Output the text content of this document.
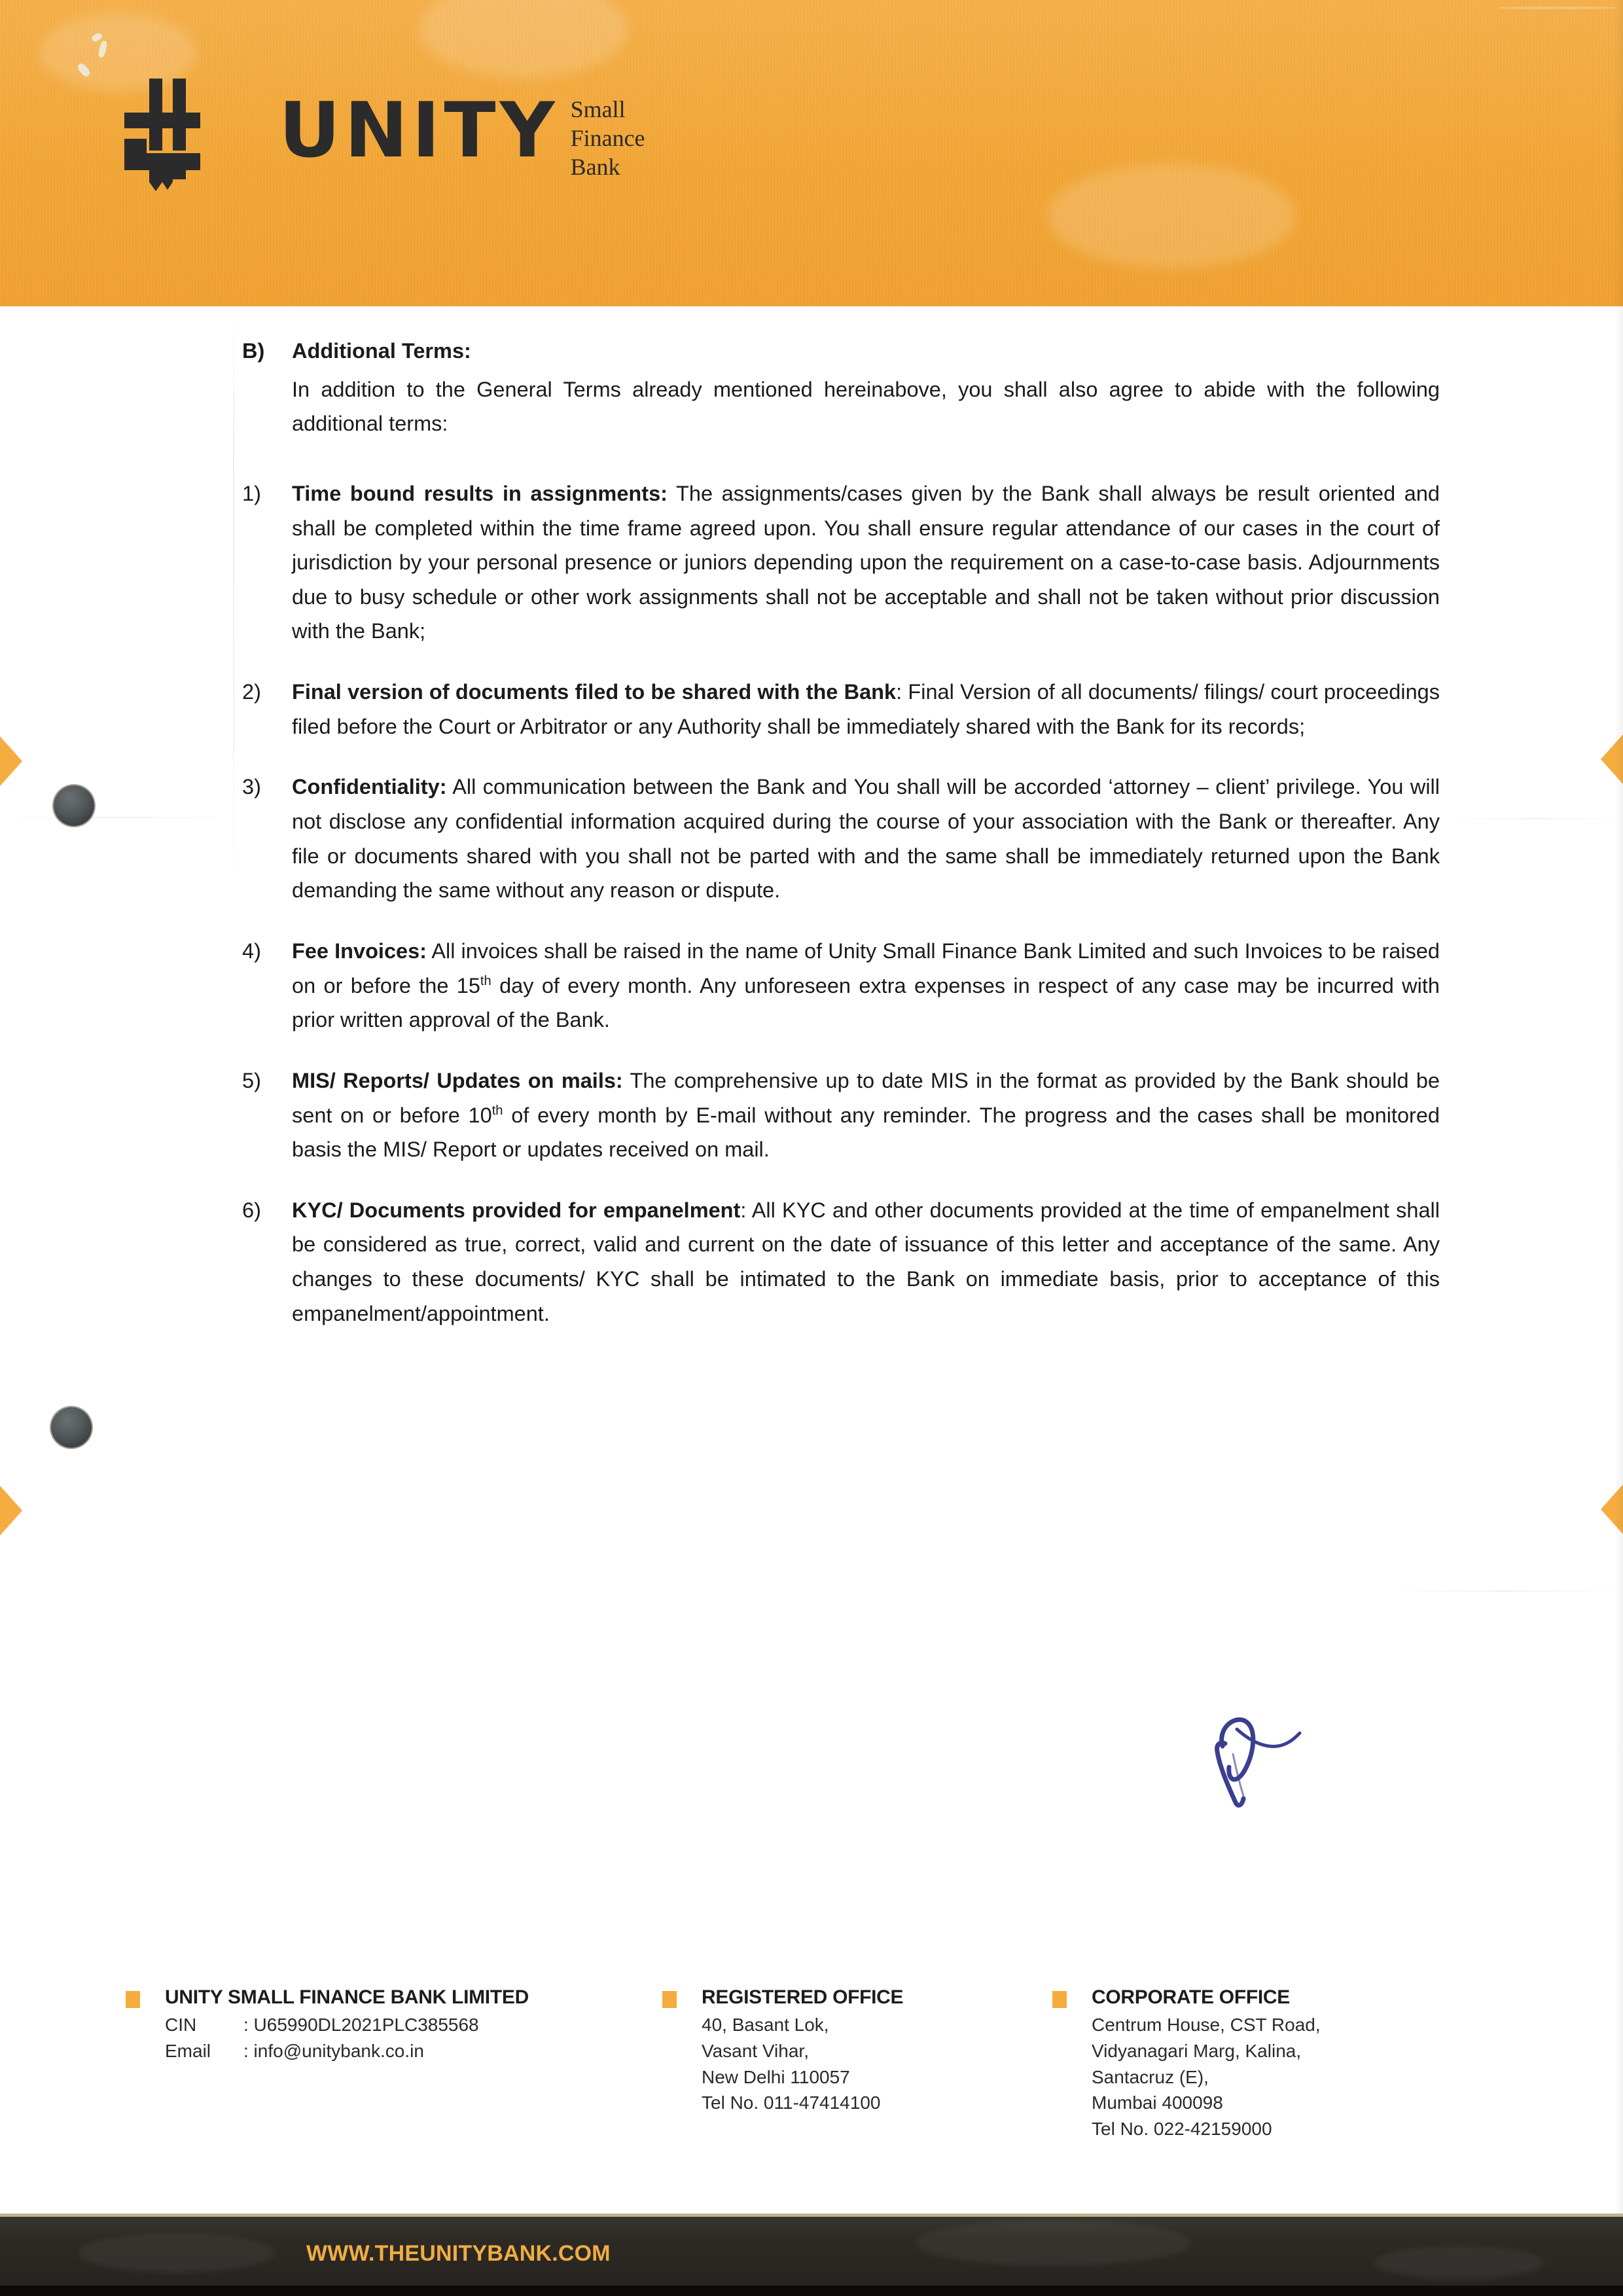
UNITY Small
Finance
Bank
B)	Additional Terms:
In addition to the General Terms already mentioned hereinabove, you shall also agree to abide with the following additional terms:
1)	Time bound results in assignments: The assignments/cases given by the Bank shall always be result oriented and shall be completed within the time frame agreed upon. You shall ensure regular attendance of our cases in the court of jurisdiction by your personal presence or juniors depending upon the requirement on a case-to-case basis. Adjournments due to busy schedule or other work assignments shall not be acceptable and shall not be taken without prior discussion with the Bank;
2)	Final version of documents filed to be shared with the Bank: Final Version of all documents/ filings/ court proceedings filed before the Court or Arbitrator or any Authority shall be immediately shared with the Bank for its records;
3)	Confidentiality: All communication between the Bank and You shall will be accorded ‘attorney – client’ privilege. You will not disclose any confidential information acquired during the course of your association with the Bank or thereafter. Any file or documents shared with you shall not be parted with and the same shall be immediately returned upon the Bank demanding the same without any reason or dispute.
4)	Fee Invoices: All invoices shall be raised in the name of Unity Small Finance Bank Limited and such Invoices to be raised on or before the 15th day of every month. Any unforeseen extra expenses in respect of any case may be incurred with prior written approval of the Bank.
5)	MIS/ Reports/ Updates on mails: The comprehensive up to date MIS in the format as provided by the Bank should be sent on or before 10th of every month by E-mail without any reminder. The progress and the cases shall be monitored basis the MIS/ Report or updates received on mail.
6)	KYC/ Documents provided for empanelment: All KYC and other documents provided at the time of empanelment shall be considered as true, correct, valid and current on the date of issuance of this letter and acceptance of the same. Any changes to these documents/ KYC shall be intimated to the Bank on immediate basis, prior to acceptance of this empanelment/appointment.
UNITY SMALL FINANCE BANK LIMITED
CIN	: U65990DL2021PLC385568
Email	: info@unitybank.co.in
REGISTERED OFFICE
40, Basant Lok,
Vasant Vihar,
New Delhi 110057
Tel No. 011-47414100
CORPORATE OFFICE
Centrum House, CST Road,
Vidyanagari Marg, Kalina,
Santacruz (E),
Mumbai 400098
Tel No. 022-42159000
WWW.THEUNITYBANK.COM
